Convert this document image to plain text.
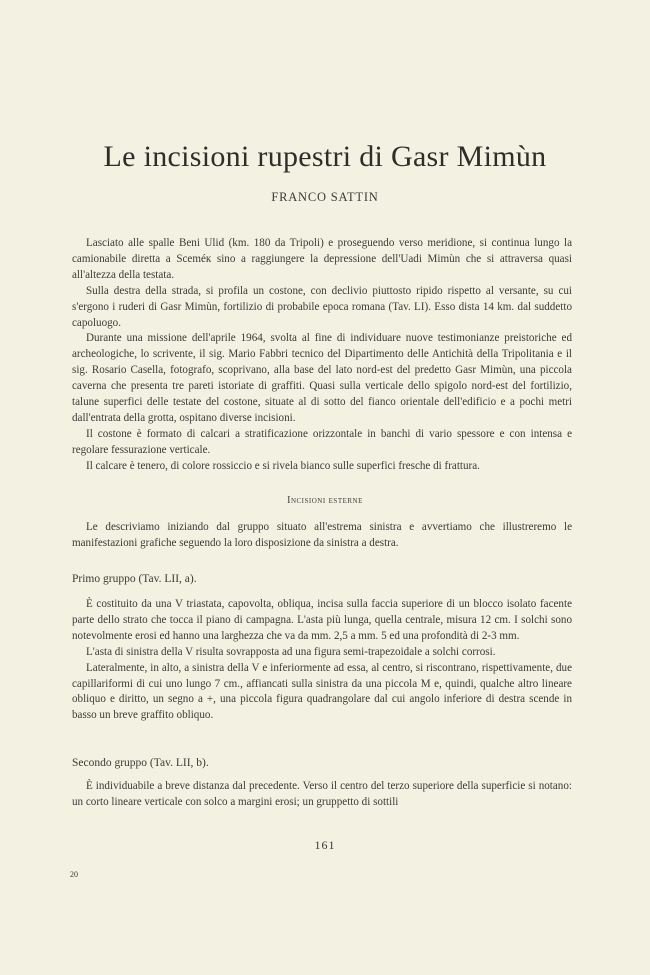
Le incisioni rupestri di Gasr Mimùn
FRANCO SATTIN

Lasciato alle spalle Beni Ulid (km. 180 da Tripoli) e proseguendo verso meridione, si continua lungo la camionabile diretta a Sceméк sino a raggiungere la depressione dell'Uadi Mimùn che si attraversa quasi all'altezza della testata.

Sulla destra della strada, si profila un costone, con declivio piuttosto ripido rispetto al versante, su cui s'ergono i ruderi di Gasr Mimùn, fortilizio di probabile epoca romana (Tav. LI). Esso dista 14 km. dal suddetto capoluogo.

Durante una missione dell'aprile 1964, svolta al fine di individuare nuove testimonianze preistoriche ed archeologiche, lo scrivente, il sig. Mario Fabbri tecnico del Dipartimento delle Antichità della Tripolitania e il sig. Rosario Casella, fotografo, scoprivano, alla base del lato nord-est del predetto Gasr Mimùn, una piccola caverna che presenta tre pareti istoriate di graffiti. Quasi sulla verticale dello spigolo nord-est del fortilizio, talune superfici delle testate del costone, situate al di sotto del fianco orientale dell'edificio e a pochi metri dall'entrata della grotta, ospitano diverse incisioni.

Il costone è formato di calcari a stratificazione orizzontale in banchi di vario spessore e con intensa e regolare fessurazione verticale.

Il calcare è tenero, di colore rossiccio e si rivela bianco sulle superfici fresche di frattura.

Incisioni esterne

Le descriviamo iniziando dal gruppo situato all'estrema sinistra e avvertiamo che illustreremo le manifestazioni grafiche seguendo la loro disposizione da sinistra a destra.

Primo gruppo (Tav. LII, a).

È costituito da una V triastata, capovolta, obliqua, incisa sulla faccia superiore di un blocco isolato facente parte dello strato che tocca il piano di campagna. L'asta più lunga, quella centrale, misura 12 cm. I solchi sono notevolmente erosi ed hanno una larghezza che va da mm. 2,5 a mm. 5 ed una profondità di 2-3 mm.

L'asta di sinistra della V risulta sovrapposta ad una figura semi-trapezoidale a solchi corrosi.

Lateralmente, in alto, a sinistra della V e inferiormente ad essa, al centro, si riscontrano, rispettivamente, due capillariformi di cui uno lungo 7 cm., affiancati sulla sinistra da una piccola M e, quindi, qualche altro lineare obliquo e diritto, un segno a +, una piccola figura quadrangolare dal cui angolo inferiore di destra scende in basso un breve graffito obliquo.

Secondo gruppo (Tav. LII, b).

È individuabile a breve distanza dal precedente. Verso il centro del terzo superiore della superficie si notano: un corto lineare verticale con solco a margini erosi; un gruppetto di sottili

161
20
